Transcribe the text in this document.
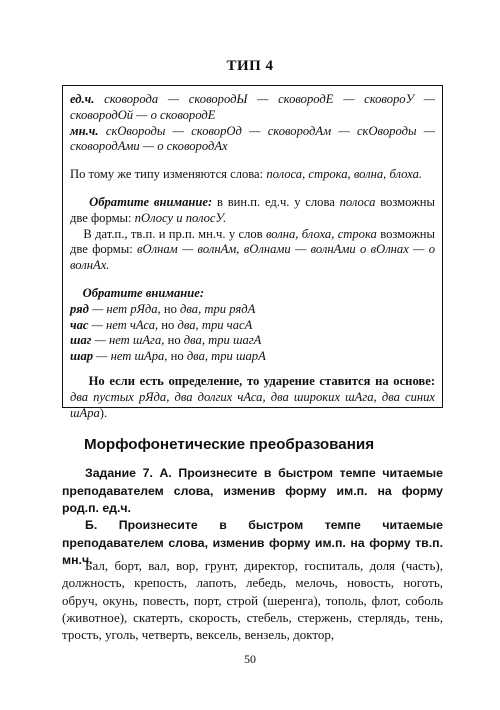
ТИП 4

ед.ч. сковорода — сковородЫ — сковородЕ — сковороУ — сковородОй — о сковородЕ

мн.ч. скОвороды — сковорОд — сковородАм — скОвороды — сковородАми — о сковородАх

По тому же типу изменяются слова: полоса, строка, волна, блоха.

Обратите внимание: в вин.п. ед.ч. у слова полоса возможны две формы: пОлосу и полосУ.

В дат.п., тв.п. и пр.п. мн.ч. у слов волна, блоха, строка возможны две формы: вОлнам — волнАм, вОлнами — волнАми о вОлнах — о волнАх.

Обратите внимание:

ряд — нет рЯда, но два, три рядА

час — нет чАса, но два, три часА

шаг — нет шАга, но два, три шагА

шар — нет шАра, но два, три шарА

Но если есть определение, то ударение ставится на основе: два пустых рЯда, два долгих чАса, два широких шАга, два синих шАра).

Морфофонетические преобразования

Задание 7. А. Произнесите в быстром темпе читаемые преподавателем слова, изменив форму им.п. на форму род.п. ед.ч.

Б. Произнесите в быстром темпе читаемые преподавателем слова, изменив форму им.п. на форму тв.п. мн.ч.

Бал, борт, вал, вор, грунт, директор, госпиталь, доля (часть), должность, крепость, лапоть, лебедь, мелочь, новость, ноготь, обруч, окунь, повесть, порт, строй (шеренга), тополь, флот, соболь (животное), скатерть, скорость, стебель, стержень, стерлядь, тень, трость, уголь, четверть, вексель, вензель, доктор,

50
